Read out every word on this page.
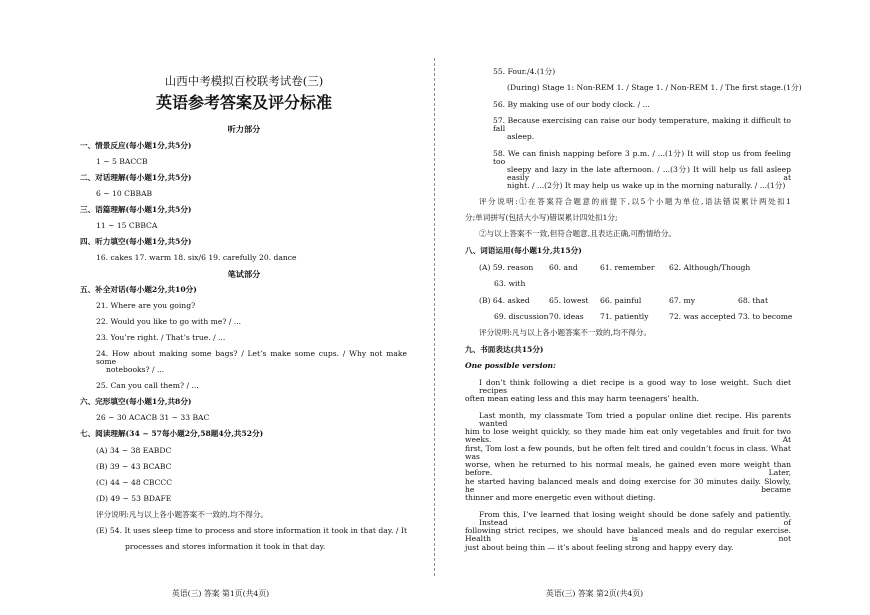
山西中考模拟百校联考试卷(三)
英语参考答案及评分标准
听力部分
一、情景反应(每小题1分,共5分)
1 ~ 5 BACCB
二、对话理解(每小题1分,共5分)
6 ~ 10 CBBAB
三、语篇理解(每小题1分,共5分)
11 ~ 15 CBBCA
四、听力填空(每小题1分,共5分)
16. cakes 17. warm 18. six/6 19. carefully 20. dance
笔试部分
五、补全对话(每小题2分,共10分)
21. Where are you going?
22. Would you like to go with me? / ...
23. You’re right. / That’s true. / ...
24. How about making some bags? / Let’s make some cups. / Why not make some
notebooks? / ...
25. Can you call them? / ...
六、完形填空(每小题1分,共8分)
26 ~ 30 ACACB 31 ~ 33 BAC
七、阅读理解(34 ~ 57每小题2分,58题4分,共52分)
(A) 34 ~ 38 EABDC
(B) 39 ~ 43 BCABC
(C) 44 ~ 48 CBCCC
(D) 49 ~ 53 BDAFE
评分说明:凡与以上各小题答案不一致的,均不得分。
(E) 54. It uses sleep time to process and store information it took in that day. / It
processes and stores information it took in that day.
英语(三) 答案 第1页(共4页)
55. Four./4.(1分)
(During) Stage 1: Non-REM 1. / Stage 1. / Non-REM 1. / The first stage.(1分)
56. By making use of our body clock. / ...
57. Because exercising can raise our body temperature, making it difficult to fall
asleep.
58. We can finish napping before 3 p.m. / ...(1分) It will stop us from feeling too
sleepy and lazy in the late afternoon. / ...(3分) It will help us fall asleep easily at
night. / ...(2分) It may help us wake up in the morning naturally. / ...(1分)
评分说明:①在答案符合题意的前提下,以5个小题为单位,语法错误累计两处扣1
分;单词拼写(包括大小写)错误累计四处扣1分;
②与以上答案不一致,但符合题意,且表达正确,可酌情给分。
八、词语运用(每小题1分,共15分)
(A) 59. reason 60. and	61. remember 62. Although/Though
63. with
(B) 64. asked	65. lowest 66. painful	67. my	68. that
69. discussion 70. ideas 71. patiently	72. was accepted 73. to become
评分说明:凡与以上各小题答案不一致的,均不得分。
九、书面表达(共15分)
One possible version:
I don’t think following a diet recipe is a good way to lose weight. Such diet recipes
often mean eating less and this may harm teenagers’ health.
Last month, my classmate Tom tried a popular online diet recipe. His parents wanted
him to lose weight quickly, so they made him eat only vegetables and fruit for two weeks. At
first, Tom lost a few pounds, but he often felt tired and couldn’t focus in class. What was
worse, when he returned to his normal meals, he gained even more weight than before. Later,
he started having balanced meals and doing exercise for 30 minutes daily. Slowly, he became
thinner and more energetic even without dieting.
From this, I’ve learned that losing weight should be done safely and patiently. Instead of
following strict recipes, we should have balanced meals and do regular exercise. Health is not
just about being thin — it’s about feeling strong and happy every day.
英语(三) 答案 第2页(共4页)
